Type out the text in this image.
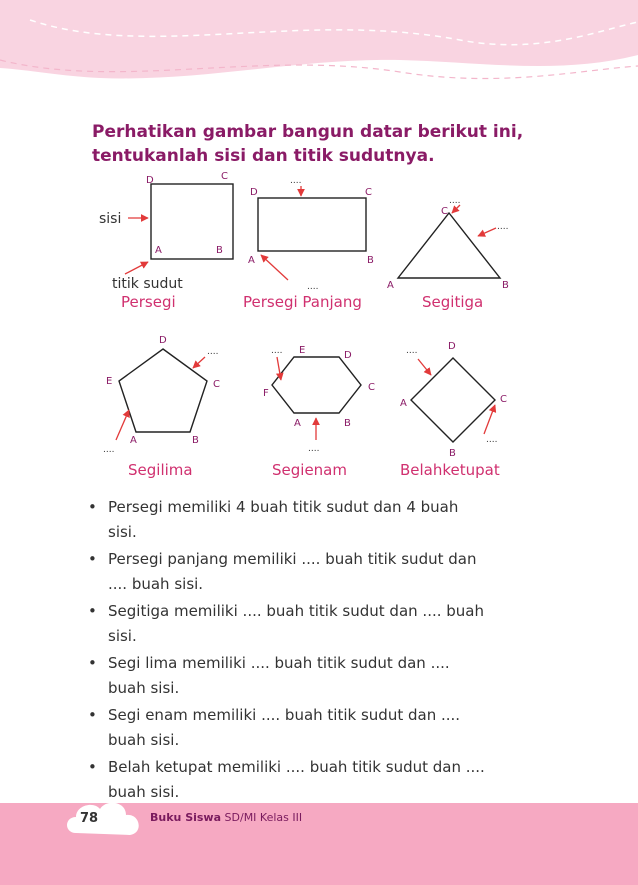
Perhatikan gambar bangun datar berikut ini,
tentukanlah sisi dan titik sudutnya.
A	B
C
D
sisi
titik sudut
Persegi
A	B
C
D
....
....
Persegi Panjang
A	B
C
....
....
Segitiga
A	B
C
D
E
....
....
Segilima
A	B
C
D
E
F
....
....
Segienam
A
B
C
D
....
....
Belahketupat
• Persegi memiliki 4 buah titik sudut dan 4 buah
sisi.
• Persegi panjang memiliki .... buah titik sudut dan
.... buah sisi.
• Segitiga memiliki .... buah titik sudut dan .... buah
sisi.
• Segi lima memiliki .... buah titik sudut dan ....
buah sisi.
• Segi enam memiliki .... buah titik sudut dan ....
buah sisi.
• Belah ketupat memiliki .... buah titik sudut dan ....
buah sisi.
78	Buku Siswa SD/MI Kelas III
